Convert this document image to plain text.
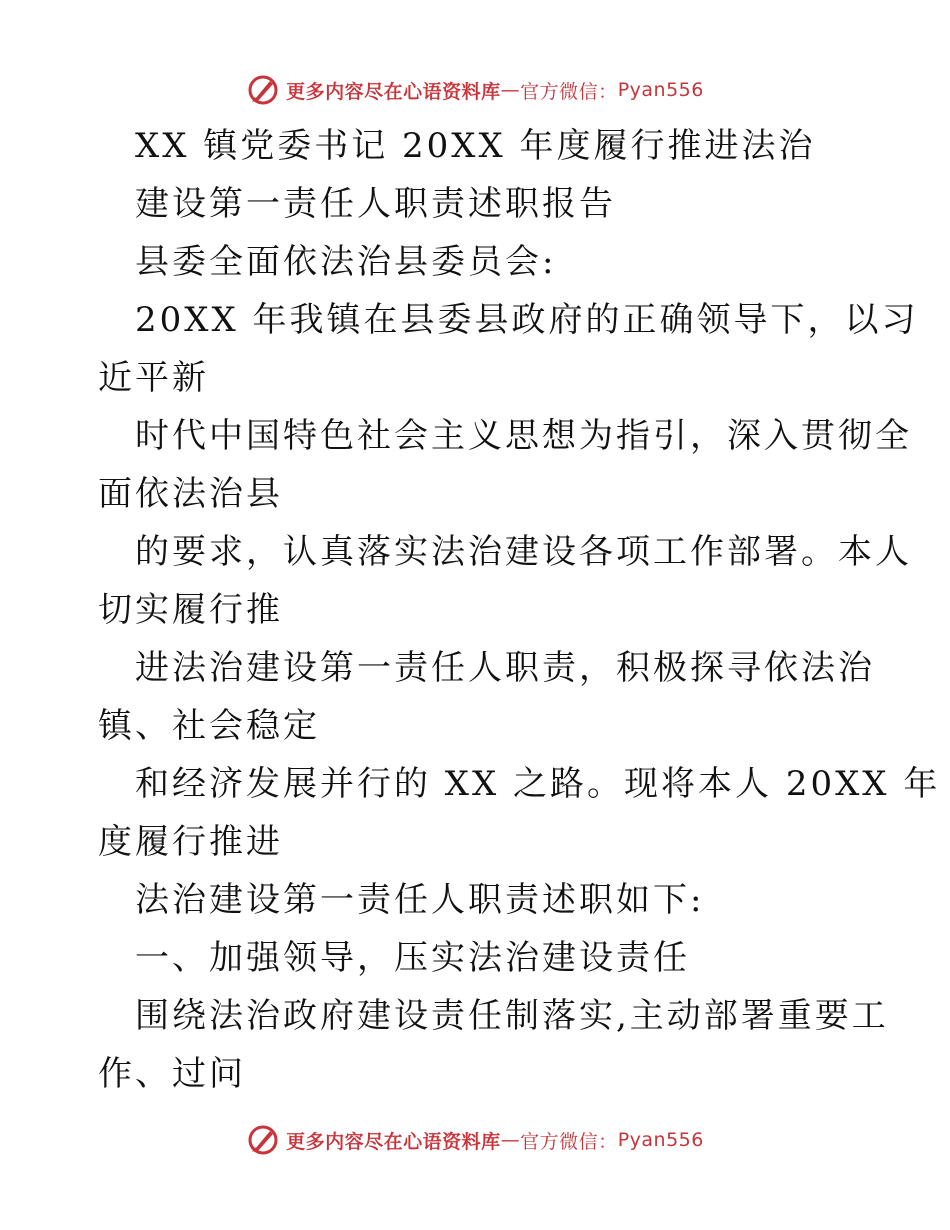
更多内容尽在心语资料库 — 官方微信： Pyan556
XX 镇党委书记 20XX 年度履行推进法治
建设第一责任人职责述职报告
县委全面依法治县委员会:
20XX 年我镇在县委县政府的正确领导下，以习
近平新
时代中国特色社会主义思想为指引，深入贯彻全
面依法治县
的要求，认真落实法治建设各项工作部署。本人
切实履行推
进法治建设第一责任人职责，积极探寻依法治
镇、社会稳定
和经济发展并行的 XX 之路。现将本人 20XX 年
度履行推进
法治建设第一责任人职责述职如下:
一、加强领导，压实法治建设责任
围绕法治政府建设责任制落实,主动部署重要工
作、过问
更多内容尽在心语资料库 — 官方微信： Pyan556
